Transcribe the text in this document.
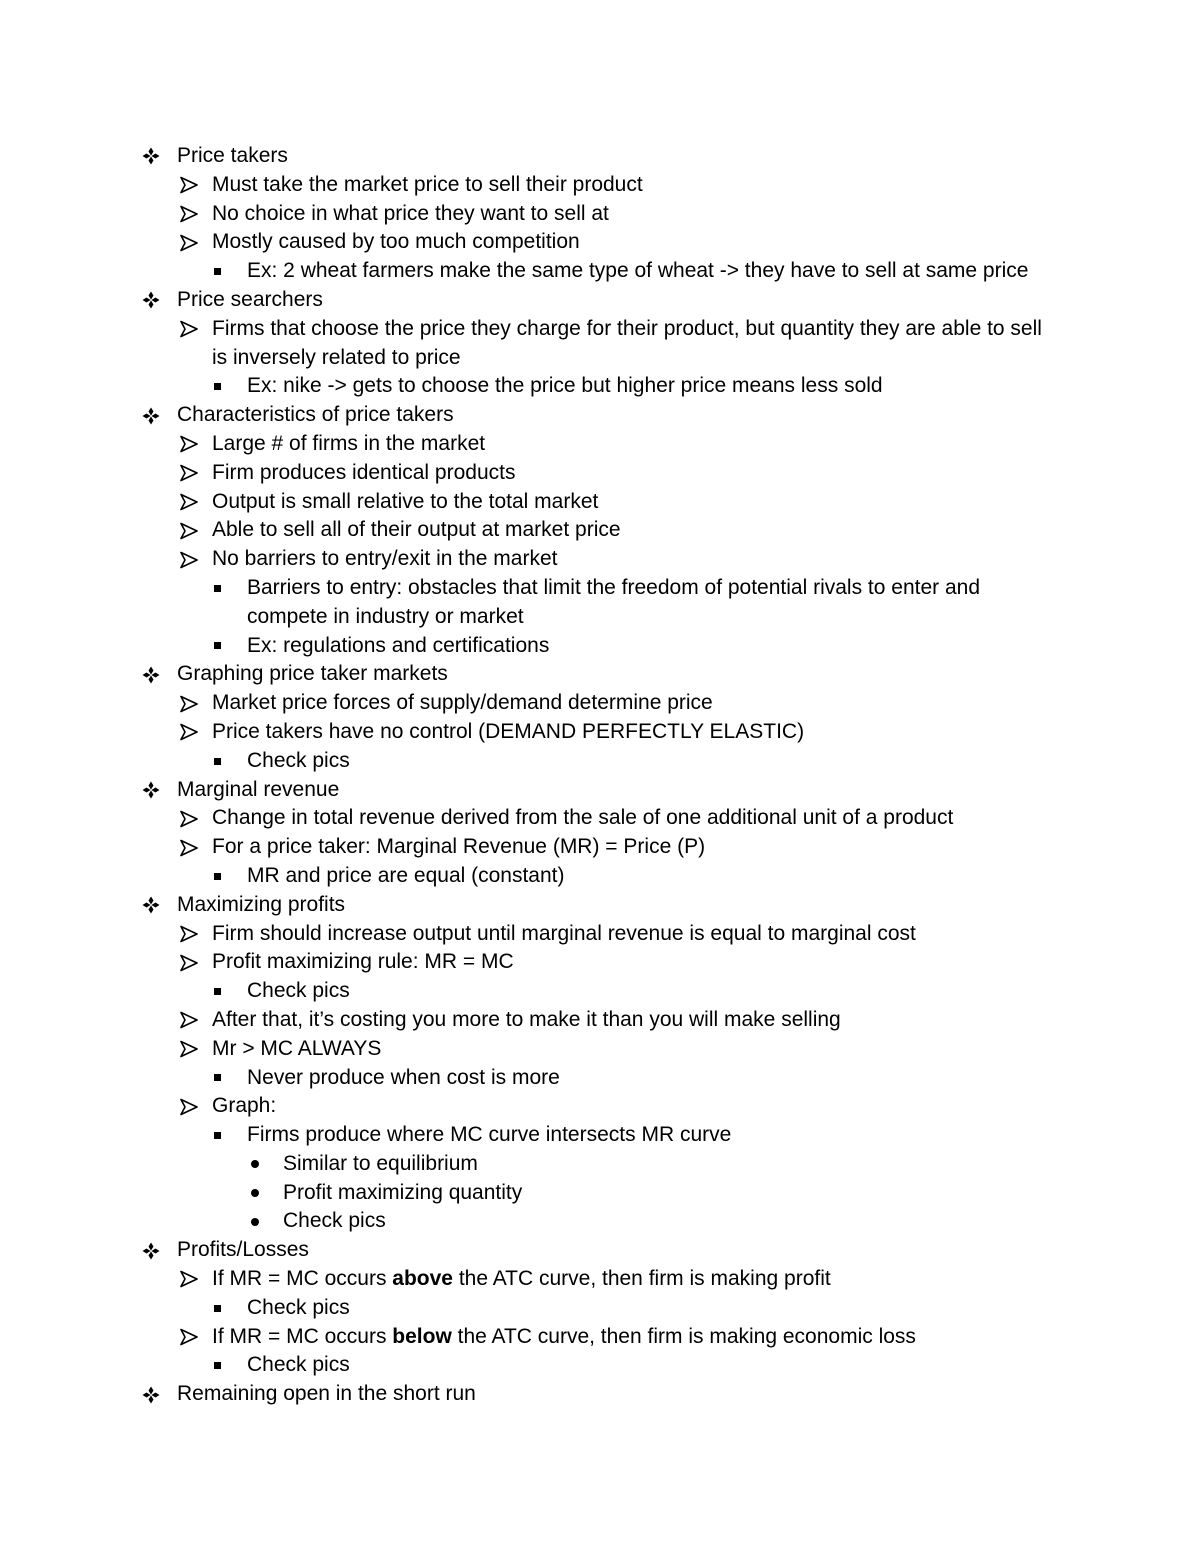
Price takers
Must take the market price to sell their product
No choice in what price they want to sell at
Mostly caused by too much competition
Ex: 2 wheat farmers make the same type of wheat -> they have to sell at same price
Price searchers
Firms that choose the price they charge for their product, but quantity they are able to sell is inversely related to price
Ex: nike -> gets to choose the price but higher price means less sold
Characteristics of price takers
Large # of firms in the market
Firm produces identical products
Output is small relative to the total market
Able to sell all of their output at market price
No barriers to entry/exit in the market
Barriers to entry: obstacles that limit the freedom of potential rivals to enter and compete in industry or market
Ex: regulations and certifications
Graphing price taker markets
Market price forces of supply/demand determine price
Price takers have no control (DEMAND PERFECTLY ELASTIC)
Check pics
Marginal revenue
Change in total revenue derived from the sale of one additional unit of a product
For a price taker: Marginal Revenue (MR) = Price (P)
MR and price are equal (constant)
Maximizing profits
Firm should increase output until marginal revenue is equal to marginal cost
Profit maximizing rule: MR = MC
Check pics
After that, it’s costing you more to make it than you will make selling
Mr > MC ALWAYS
Never produce when cost is more
Graph:
Firms produce where MC curve intersects MR curve
Similar to equilibrium
Profit maximizing quantity
Check pics
Profits/Losses
If MR = MC occurs above the ATC curve, then firm is making profit
Check pics
If MR = MC occurs below the ATC curve, then firm is making economic loss
Check pics
Remaining open in the short run
